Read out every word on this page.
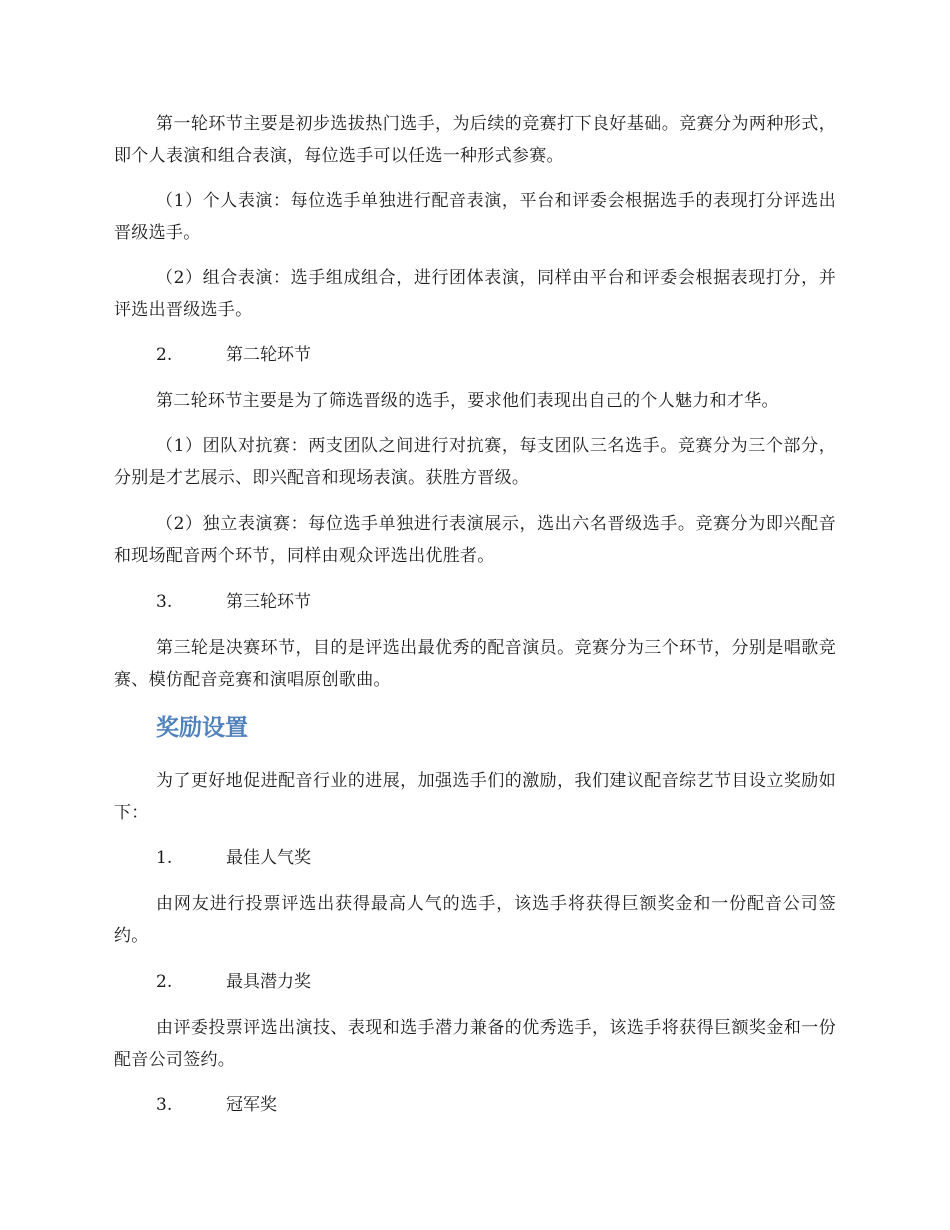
第一轮环节主要是初步选拔热门选手，为后续的竞赛打下良好基础。竞赛分为两种形式，即个人表演和组合表演，每位选手可以任选一种形式参赛。

（1）个人表演：每位选手单独进行配音表演，平台和评委会根据选手的表现打分评选出晋级选手。

（2）组合表演：选手组成组合，进行团体表演，同样由平台和评委会根据表现打分，并评选出晋级选手。

2.	第二轮环节

第二轮环节主要是为了筛选晋级的选手，要求他们表现出自己的个人魅力和才华。

（1）团队对抗赛：两支团队之间进行对抗赛，每支团队三名选手。竞赛分为三个部分，分别是才艺展示、即兴配音和现场表演。获胜方晋级。

（2）独立表演赛：每位选手单独进行表演展示，选出六名晋级选手。竞赛分为即兴配音和现场配音两个环节，同样由观众评选出优胜者。

3.	第三轮环节

第三轮是决赛环节，目的是评选出最优秀的配音演员。竞赛分为三个环节，分别是唱歌竞赛、模仿配音竞赛和演唱原创歌曲。

奖励设置

为了更好地促进配音行业的进展，加强选手们的激励，我们建议配音综艺节目设立奖励如下：

1.	最佳人气奖

由网友进行投票评选出获得最高人气的选手，该选手将获得巨额奖金和一份配音公司签约。

2.	最具潜力奖

由评委投票评选出演技、表现和选手潜力兼备的优秀选手，该选手将获得巨额奖金和一份配音公司签约。

3.	冠军奖
